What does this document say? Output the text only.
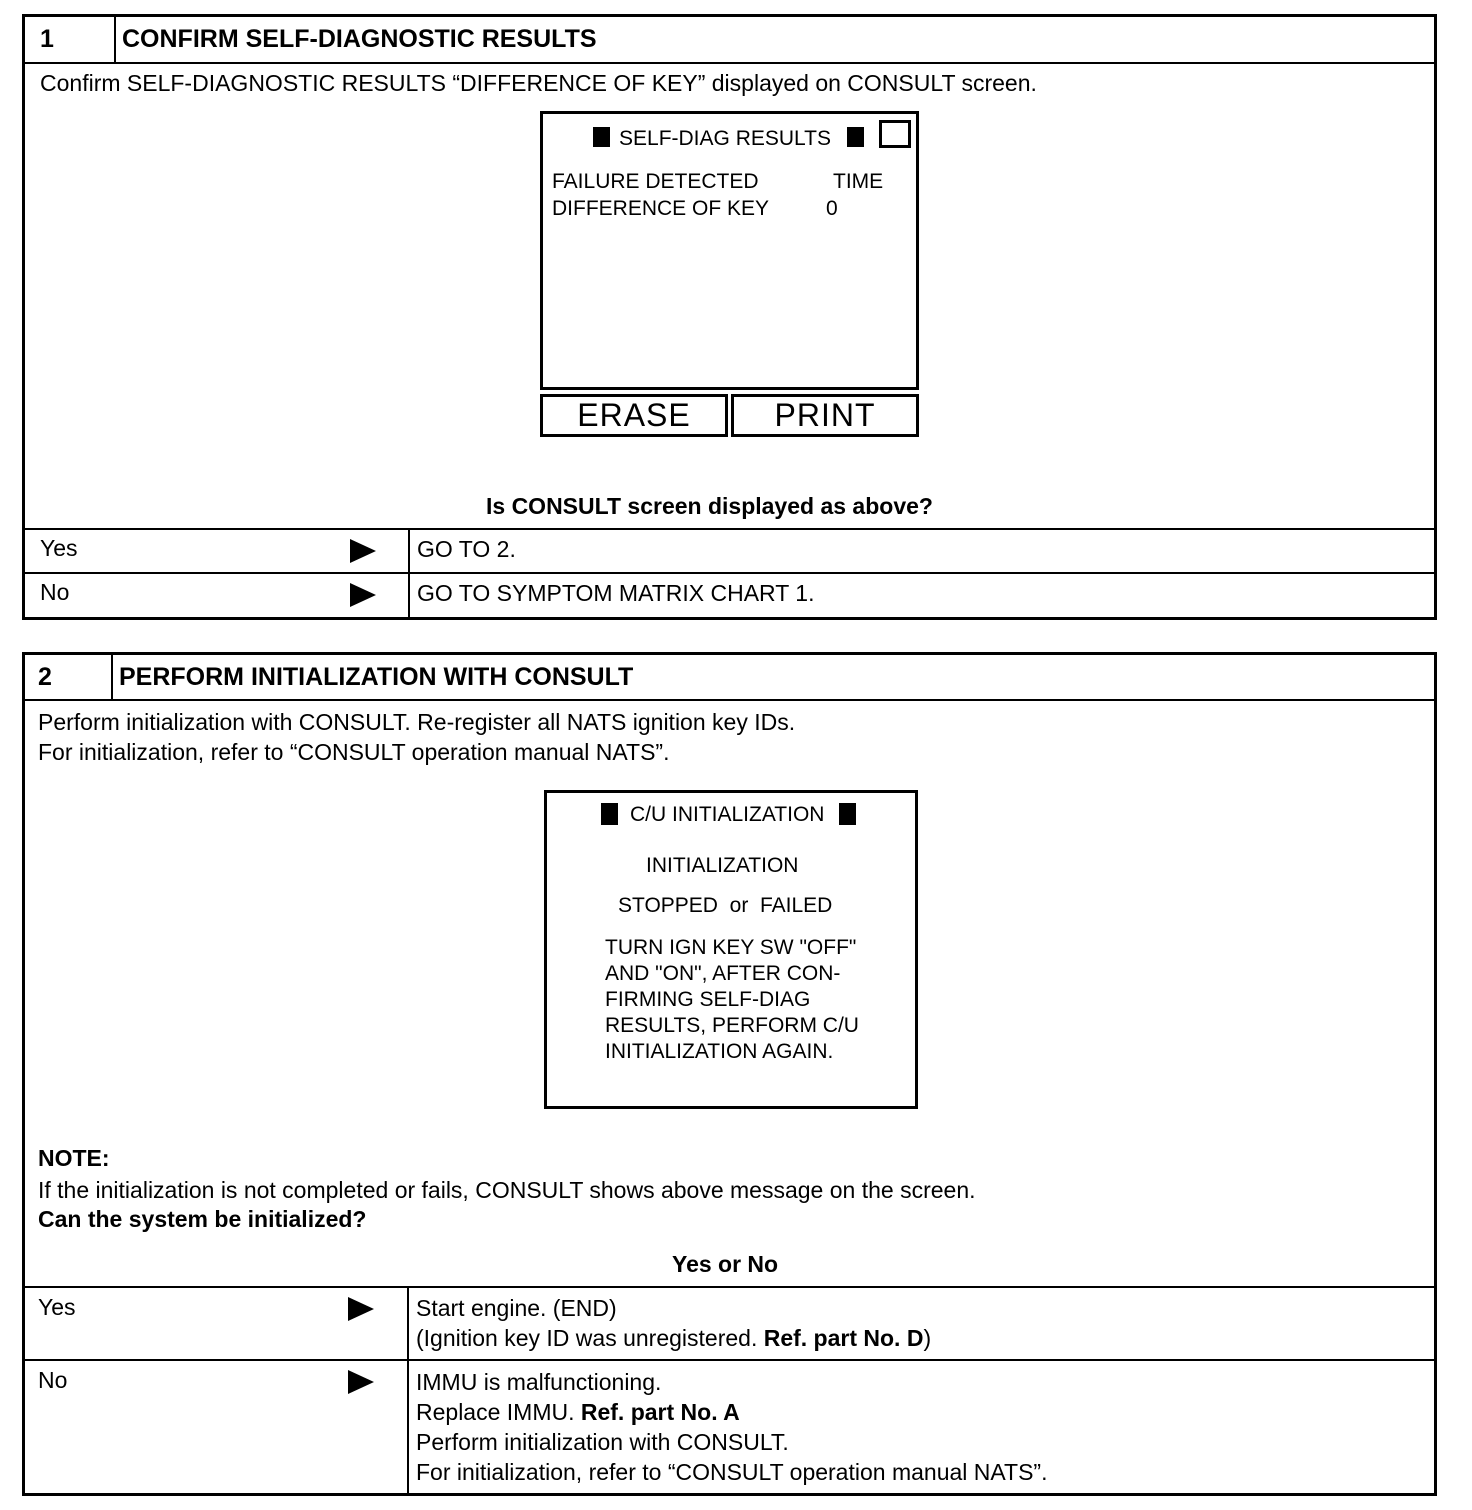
1	CONFIRM SELF-DIAGNOSTIC RESULTS
Confirm SELF-DIAGNOSTIC RESULTS “DIFFERENCE OF KEY” displayed on CONSULT screen.
SELF-DIAG RESULTS
FAILURE DETECTED	TIME
DIFFERENCE OF KEY	0
ERASE	PRINT
Is CONSULT screen displayed as above?
Yes	GO TO 2.
No	GO TO SYMPTOM MATRIX CHART 1.
2	PERFORM INITIALIZATION WITH CONSULT
Perform initialization with CONSULT. Re-register all NATS ignition key IDs.
For initialization, refer to “CONSULT operation manual NATS”.
C/U INITIALIZATION
INITIALIZATION
STOPPED  or  FAILED
TURN IGN KEY SW "OFF"
AND "ON", AFTER CON-
FIRMING SELF-DIAG
RESULTS, PERFORM C/U
INITIALIZATION AGAIN.
NOTE:
If the initialization is not completed or fails, CONSULT shows above message on the screen.
Can the system be initialized?
Yes or No
Yes	Start engine. (END)
(Ignition key ID was unregistered. Ref. part No. D)
No	IMMU is malfunctioning.
Replace IMMU. Ref. part No. A
Perform initialization with CONSULT.
For initialization, refer to “CONSULT operation manual NATS”.
